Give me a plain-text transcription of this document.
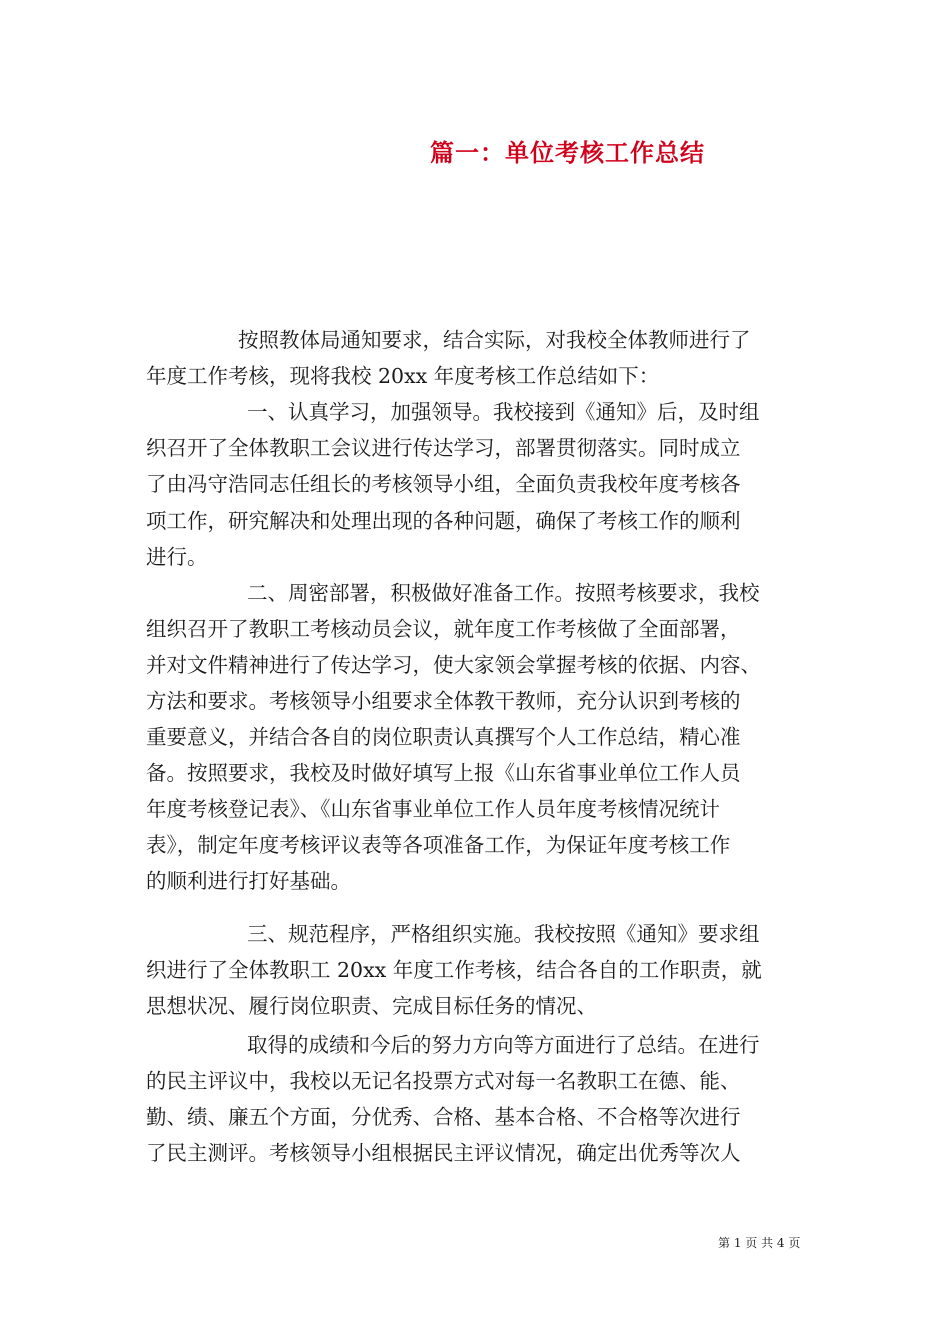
篇一：单位考核工作总结
按照教体局通知要求，结合实际，对我校全体教师进行了
年度工作考核，现将我校 20xx 年度考核工作总结如下：
一、认真学习，加强领导。我校接到《通知》后，及时组
织召开了全体教职工会议进行传达学习，部署贯彻落实。同时成立
了由冯守浩同志任组长的考核领导小组，全面负责我校年度考核各
项工作，研究解决和处理出现的各种问题，确保了考核工作的顺利
进行。
二、周密部署，积极做好准备工作。按照考核要求，我校
组织召开了教职工考核动员会议，就年度工作考核做了全面部署，
并对文件精神进行了传达学习，使大家领会掌握考核的依据、内容、
方法和要求。考核领导小组要求全体教干教师，充分认识到考核的
重要意义，并结合各自的岗位职责认真撰写个人工作总结，精心准
备。按照要求，我校及时做好填写上报《山东省事业单位工作人员
年度考核登记表》、《山东省事业单位工作人员年度考核情况统计
表》，制定年度考核评议表等各项准备工作，为保证年度考核工作
的顺利进行打好基础。
三、规范程序，严格组织实施。我校按照《通知》要求组
织进行了全体教职工 20xx 年度工作考核，结合各自的工作职责，就
思想状况、履行岗位职责、完成目标任务的情况、
取得的成绩和今后的努力方向等方面进行了总结。在进行
的民主评议中，我校以无记名投票方式对每一名教职工在德、能、
勤、绩、廉五个方面，分优秀、合格、基本合格、不合格等次进行
了民主测评。考核领导小组根据民主评议情况，确定出优秀等次人
第 1 页 共 4 页
